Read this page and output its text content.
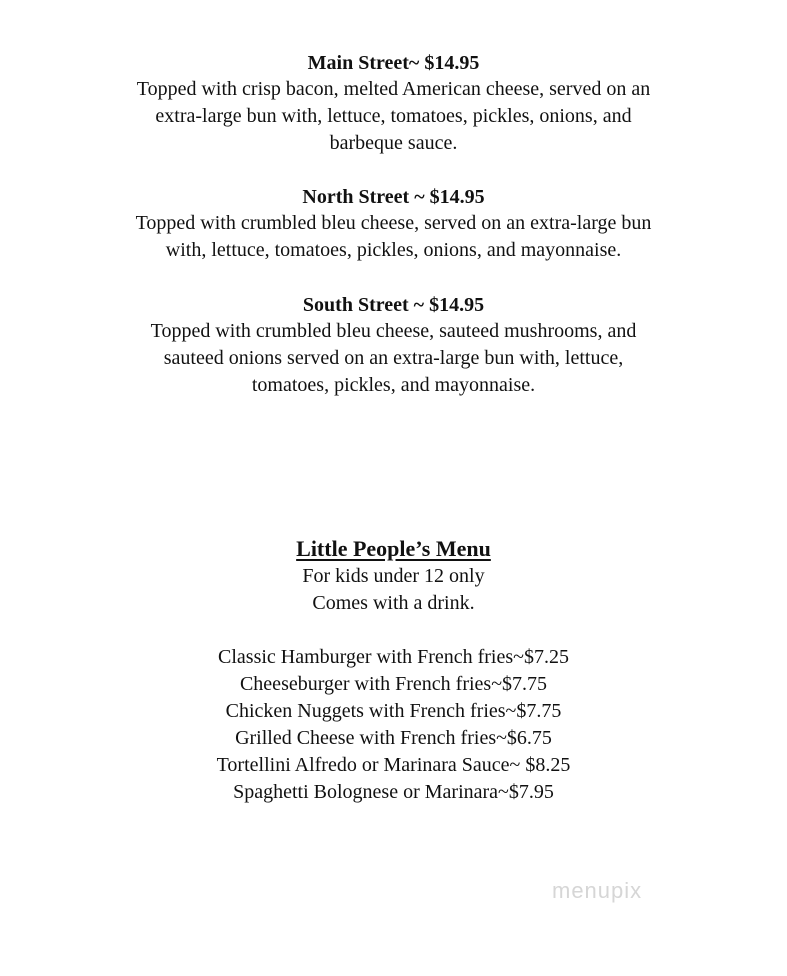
Main Street~ $14.95

Topped with crisp bacon, melted American cheese, served on an

extra-large bun with, lettuce, tomatoes, pickles, onions, and

barbeque sauce.

North Street ~ $14.95

Topped with crumbled bleu cheese, served on an extra-large bun

with, lettuce, tomatoes, pickles, onions, and mayonnaise.

South Street ~ $14.95

Topped with crumbled bleu cheese, sauteed mushrooms, and

sauteed onions served on an extra-large bun with, lettuce,

tomatoes, pickles, and mayonnaise.

Little People’s Menu

For kids under 12 only

Comes with a drink.

Classic Hamburger with French fries~$7.25
Cheeseburger with French fries~$7.75
Chicken Nuggets with French fries~$7.75
Grilled Cheese with French fries~$6.75
Tortellini Alfredo or Marinara Sauce~ $8.25
Spaghetti Bolognese or Marinara~$7.95
menupix
